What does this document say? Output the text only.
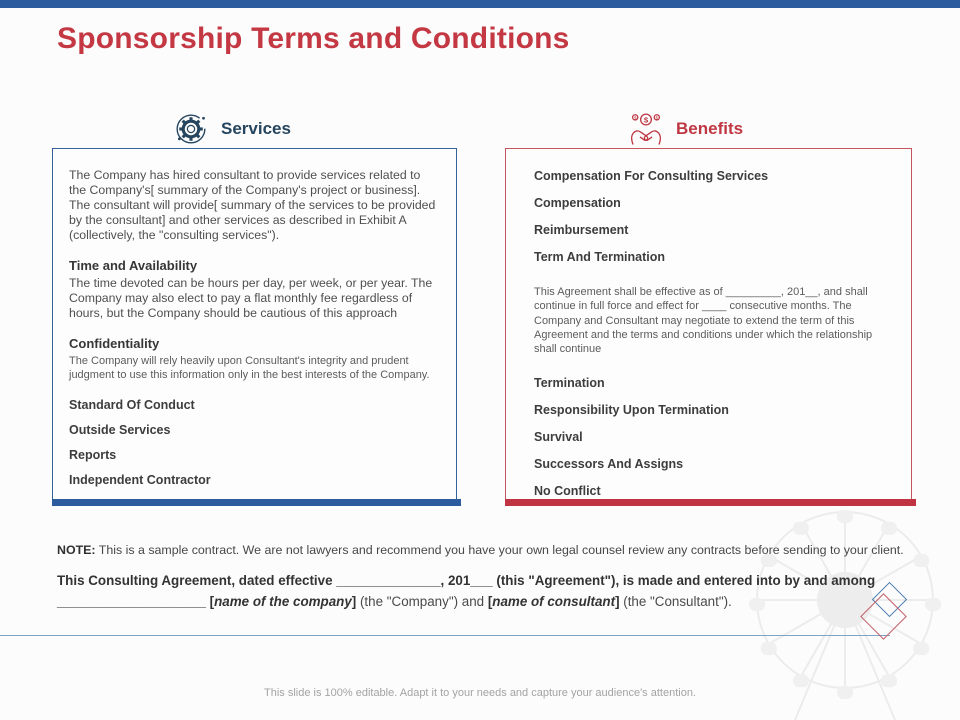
Sponsorship Terms and Conditions
Services	$
$	$
Benefits

The Company has hired consultant to provide services related to the Company's[ summary of the Company's project or business]. The consultant will provide[ summary of the services to be provided by the consultant] and other services as described in Exhibit A (collectively, the "consulting services").

Time and Availability

The time devoted can be hours per day, per week, or per year. The Company may also elect to pay a flat monthly fee regardless of hours, but the Company should be cautious of this approach

Confidentiality

The Company will rely heavily upon Consultant's integrity and prudent judgment to use this information only in the best interests of the Company.

Standard Of Conduct
Outside Services
Reports
Independent Contractor
Compensation For Consulting Services
Compensation
Reimbursement
Term And Termination

This Agreement shall be effective as of _________, 201__, and shall continue in full force and effect for ____ consecutive months. The Company and Consultant may negotiate to extend the term of this Agreement and the terms and conditions under which the relationship shall continue

Termination
Responsibility Upon Termination
Survival
Successors And Assigns
No Conflict

NOTE: This is a sample contract. We are not lawyers and recommend you have your own legal counsel review any contracts before sending to your client.

This Consulting Agreement, dated effective ______________, 201___ (this "Agreement"), is made and entered into by and among ____________________ [name of the company] (the "Company") and [name of consultant] (the "Consultant").

This slide is 100% editable. Adapt it to your needs and capture your audience's attention.
